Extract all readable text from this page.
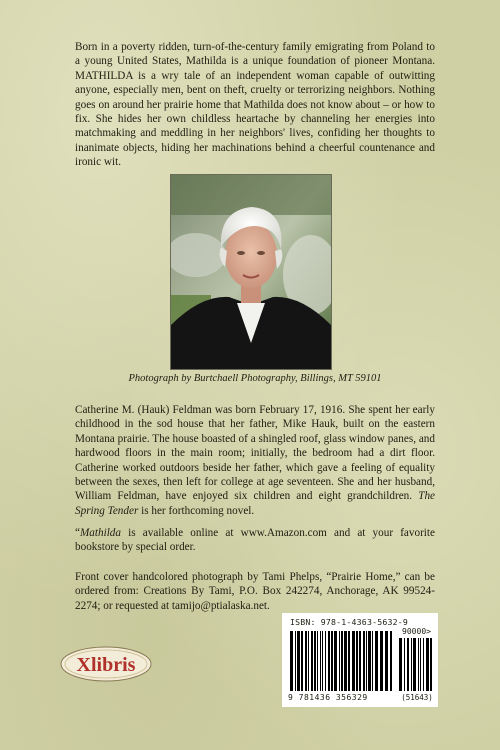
Born in a poverty ridden, turn-of-the-century family emigrating from Poland to a young United States, Mathilda is a unique foundation of pioneer Montana. MATHILDA is a wry tale of an independent woman capable of outwitting anyone, especially men, bent on theft, cruelty or terrorizing neighbors. Nothing goes on around her prairie home that Mathilda does not know about – or how to fix. She hides her own childless heartache by channeling her energies into matchmaking and meddling in her neighbors' lives, confiding her thoughts to inanimate objects, hiding her machinations behind a cheerful countenance and ironic wit.

Photograph by Burtchaell Photography, Billings, MT 59101

Catherine M. (Hauk) Feldman was born February 17, 1916. She spent her early childhood in the sod house that her father, Mike Hauk, built on the eastern Montana prairie. The house boasted of a shingled roof, glass window panes, and hardwood floors in the main room; initially, the bedroom had a dirt floor. Catherine worked outdoors beside her father, which gave a feeling of equality between the sexes, then left for college at age seventeen. She and her husband, William Feldman, have enjoyed six children and eight grandchildren. The Spring Tender is her forthcoming novel.

“Mathilda is available online at www.Amazon.com and at your favorite bookstore by special order.

Front cover handcolored photograph by Tami Phelps, “Prairie Home,” can be ordered from: Creations By Tami, P.O. Box 242274, Anchorage, AK 99524-2274; or requested at tamijo@ptialaska.net.

ISBN: 978-1-4363-5632-9
90000>
9 781436 356329	(51643)
Xlibris
